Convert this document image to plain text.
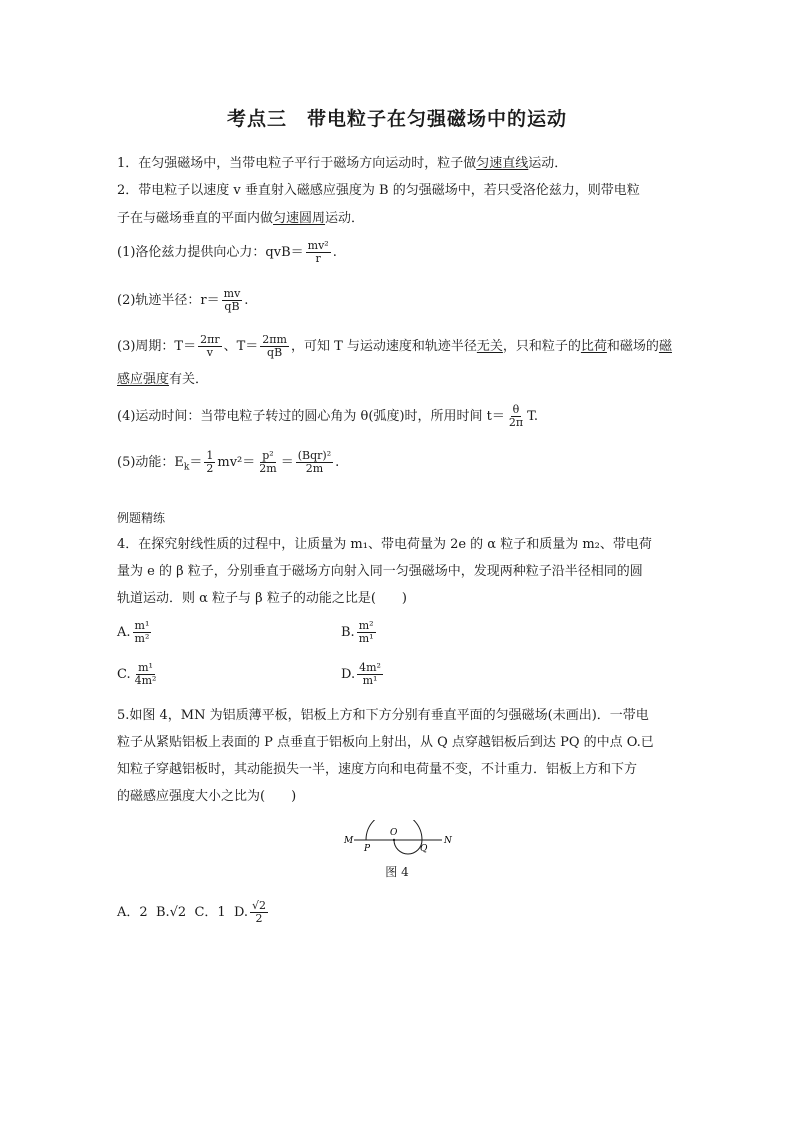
考点三　带电粒子在匀强磁场中的运动
1．在匀强磁场中，当带电粒子平行于磁场方向运动时，粒子做匀速直线运动．
2．带电粒子以速度 v 垂直射入磁感应强度为 B 的匀强磁场中，若只受洛伦兹力，则带电粒
子在与磁场垂直的平面内做匀速圆周运动．
(1)洛伦兹力提供向心力：$qvB= \frac{\text{mv²}}{r}$ .
(2)轨迹半径：$r= \frac{mv}{qB}$ .
(3)周期：$T= \frac{2\pi r}{v}$ 、$T= \frac{2\pi m}{qB}$ ，可知 T 与运动速度和轨迹半径无关，只和粒子的比荷和磁场的磁
感应强度有关．
(4)运动时间：当带电粒子转过的圆心角为 θ(弧度)时，所用时间 $t= \frac{\theta}{2\pi} T$.
(5)动能：$E_k= \frac{1}{2} mv^2= \frac{\text{p²}}{2m} = \frac{\text{(Bqr)²}}{2m}$ .
例题精练
4．在探究射线性质的过程中，让质量为 m₁、带电荷量为 2e 的 α 粒子和质量为 m₂、带电荷
量为 e 的 β 粒子，分别垂直于磁场方向射入同一匀强磁场中，发现两种粒子沿半径相同的圆
轨道运动．则 α 粒子与 β 粒子的动能之比是(　　)
A. $\frac{\text{m¹}}{\text{m²}}$	B. $\frac{\text{m²}}{\text{m¹}}$
C. $\frac{\text{m¹}}{\text{4m²}}$	D. $\frac{\text{4m²}}{\text{m¹}}$
5.如图 4，MN 为铝质薄平板，铝板上方和下方分别有垂直平面的匀强磁场(未画出)．一带电
粒子从紧贴铝板上表面的 P 点垂直于铝板向上射出，从 Q 点穿越铝板后到达 PQ 的中点 O.已
知粒子穿越铝板时，其动能损失一半，速度方向和电荷量不变，不计重力．铝板上方和下方
的磁感应强度大小之比为(　　)
M
P
O
Q
N
图 4
A．2 B.√2 C．1 D. $\frac{√2}{2}$
